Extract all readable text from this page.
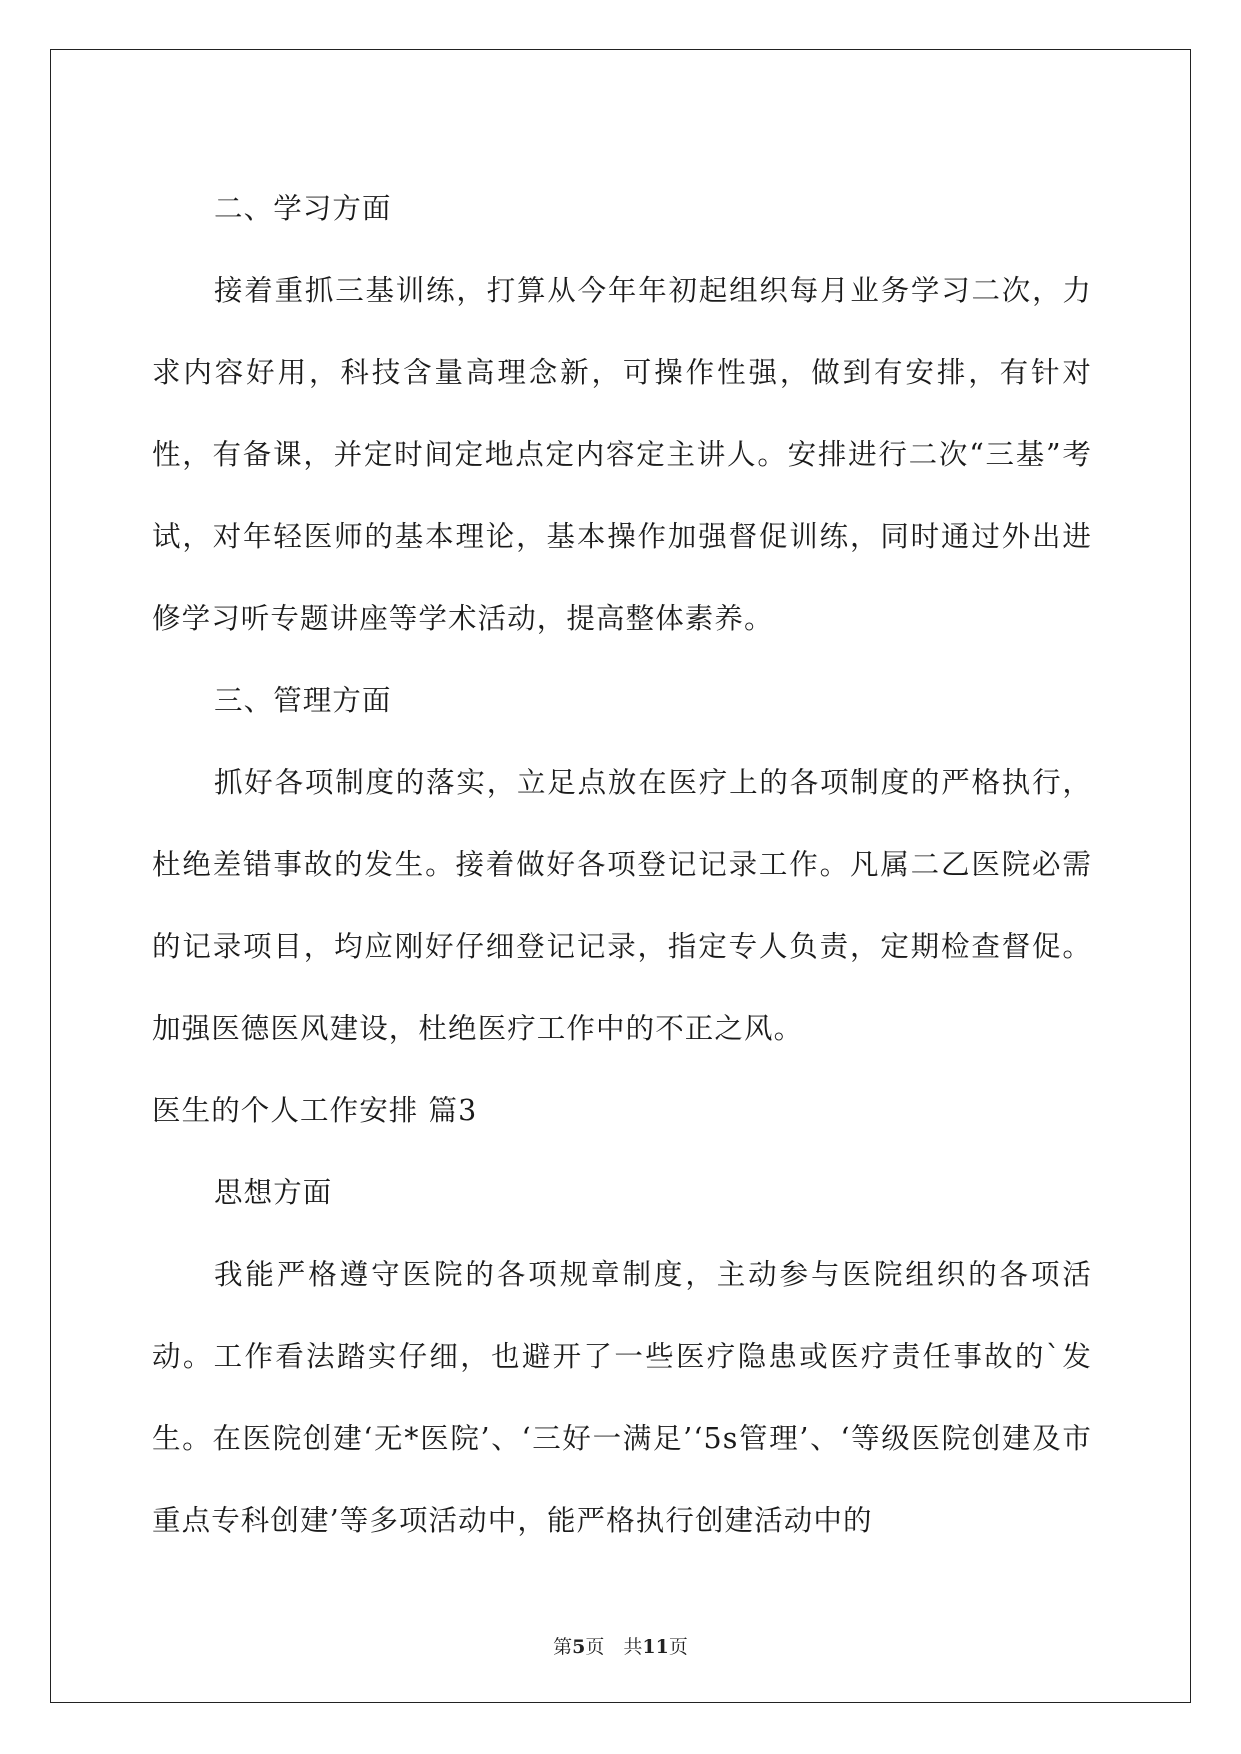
二、学习方面

接着重抓三基训练，打算从今年年初起组织每月业务学习二次，力求内容好用，科技含量高理念新，可操作性强，做到有安排，有针对性，有备课，并定时间定地点定内容定主讲人。安排进行二次“三基”考试，对年轻医师的基本理论，基本操作加强督促训练，同时通过外出进修学习听专题讲座等学术活动，提高整体素养。

三、管理方面

抓好各项制度的落实，立足点放在医疗上的各项制度的严格执行，杜绝差错事故的发生。接着做好各项登记记录工作。凡属二乙医院必需的记录项目，均应刚好仔细登记记录，指定专人负责，定期检查督促。加强医德医风建设，杜绝医疗工作中的不正之风。

医生的个人工作安排 篇3

思想方面

我能严格遵守医院的各项规章制度，主动参与医院组织的各项活动。工作看法踏实仔细，也避开了一些医疗隐患或医疗责任事故的`发生。在医院创建‘无*医院’、‘三好一满足’‘5s管理’、‘等级医院创建及市重点专科创建’等多项活动中，能严格执行创建活动中的

第5页　共11页
